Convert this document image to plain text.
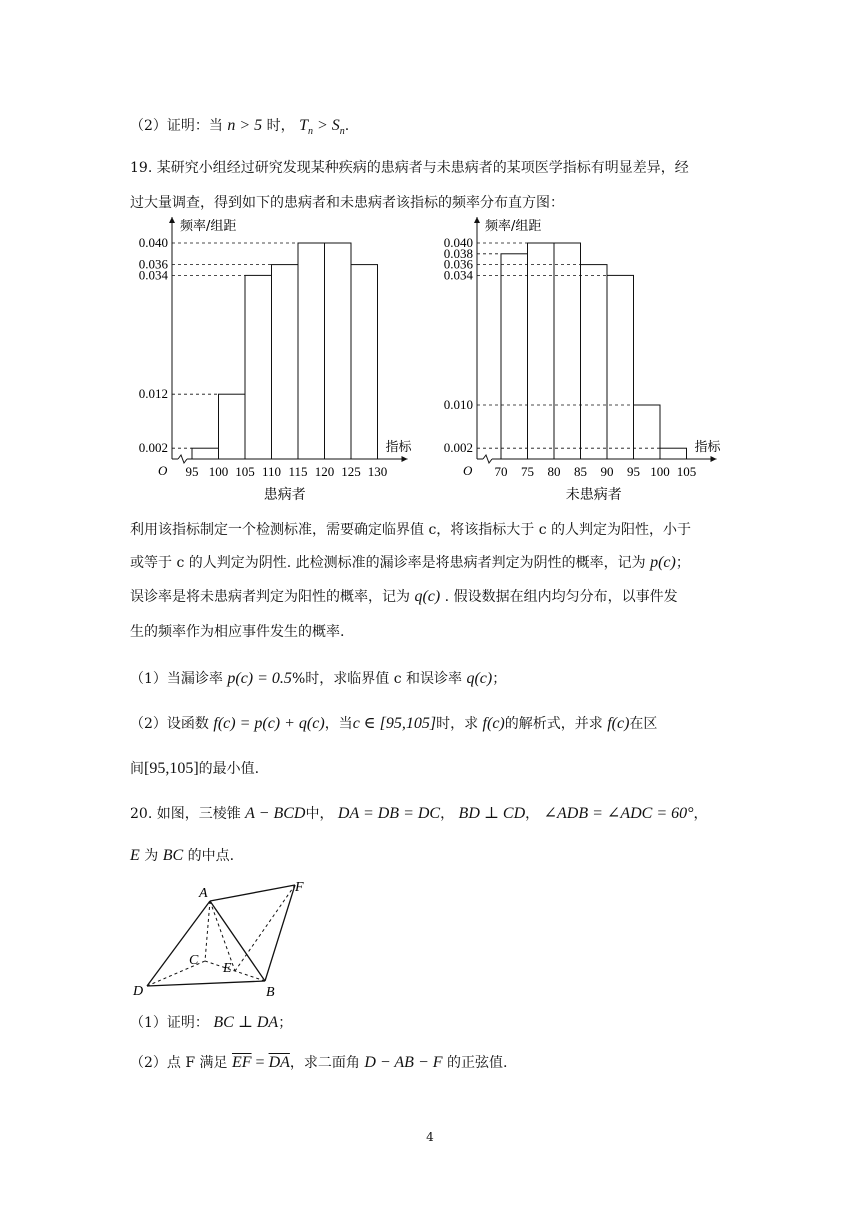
（2）证明：当 n > 5 时， $T_n > S_n$.
19. 某研究小组经过研究发现某种疾病的患病者与未患病者的某项医学指标有明显差异，经
过大量调查，得到如下的患病者和未患病者该指标的频率分布直方图：
频率/组距
指标
O
0.040
0.036
0.034
0.012
0.002
95 100 105 110 115 120 125 130
患病者
频率/组距
指标
O
0.040
0.038
0.036
0.034
0.010
0.002
70 75 80 85 90 95 100 105
未患病者
利用该指标制定一个检测标准，需要确定临界值 c，将该指标大于 c 的人判定为阳性，小于
或等于 c 的人判定为阴性. 此检测标准的漏诊率是将患病者判定为阴性的概率，记为 p(c)；
误诊率是将未患病者判定为阳性的概率，记为 q(c) . 假设数据在组内均匀分布，以事件发
生的频率作为相应事件发生的概率.
（1）当漏诊率 p(c) = 0.5%时，求临界值 c 和误诊率 q(c)；
（2）设函数 f(c) = p(c) + q(c)，当c ∈ [95,105]时，求 f(c)的解析式，并求 f(c)在区
间[95,105]的最小值.
20. 如图，三棱锥 A − BCD中， DA = DB = DC， BD ⊥ CD， ∠ADB = ∠ADC = 60°，
E 为 BC 的中点.
A
B
C
D
E
F
（1）证明： BC ⊥ DA；
（2）点 F 满足 $\overline{EF} = \overline{DA}$，求二面角 D − AB − F 的正弦值.
4
